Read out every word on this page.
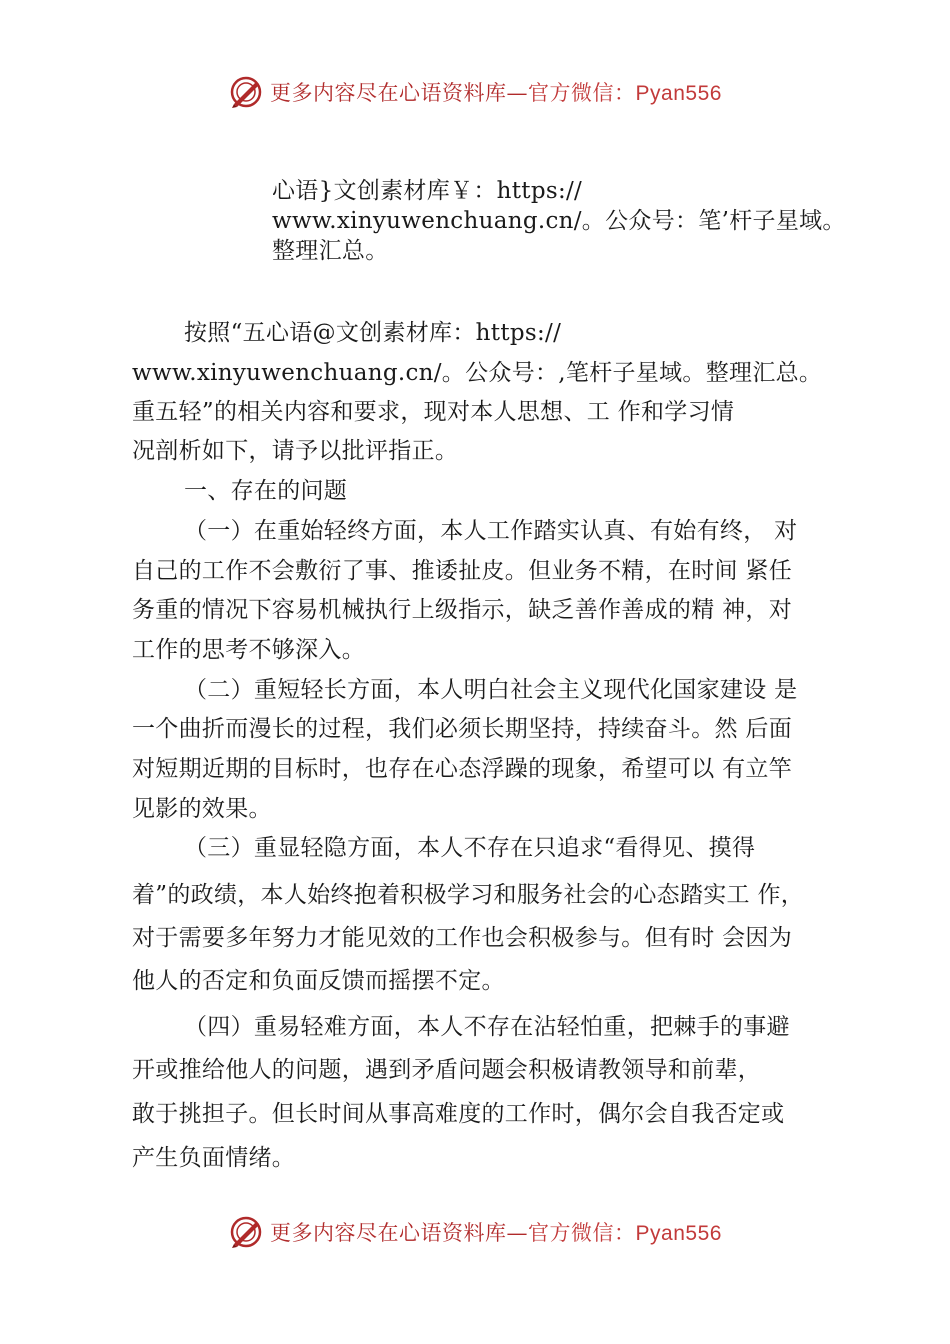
更多内容尽在心语资料库—官方微信：Pyan556
心语}文创素材库￥：https://
www.xinyuwenchuang.cn/。公众号：笔’杆子星域。
整理汇总。
按照“五心语@文创素材库：https://
www.xinyuwenchuang.cn/。公众号：,笔杆子星域。整理汇总。
重五轻”的相关内容和要求，现对本人思想、工 作和学习情
况剖析如下，请予以批评指正。
一、存在的问题
（一）在重始轻终方面，本人工作踏实认真、有始有终， 对
自己的工作不会敷衍了事、推诿扯皮。但业务不精，在时间 紧任
务重的情况下容易机械执行上级指示，缺乏善作善成的精 神，对
工作的思考不够深入。
（二）重短轻长方面，本人明白社会主义现代化国家建设 是
一个曲折而漫长的过程，我们必须长期坚持，持续奋斗。然 后面
对短期近期的目标时，也存在心态浮躁的现象，希望可以 有立竿
见影的效果。
（三）重显轻隐方面，本人不存在只追求“看得见、摸得
着”的政绩，本人始终抱着积极学习和服务社会的心态踏实工 作，
对于需要多年努力才能见效的工作也会积极参与。但有时 会因为
他人的否定和负面反馈而摇摆不定。
（四）重易轻难方面，本人不存在沾轻怕重，把棘手的事避
开或推给他人的问题，遇到矛盾问题会积极请教领导和前辈，
敢于挑担子。但长时间从事高难度的工作时，偶尔会自我否定或
产生负面情绪。
更多内容尽在心语资料库—官方微信：Pyan556
